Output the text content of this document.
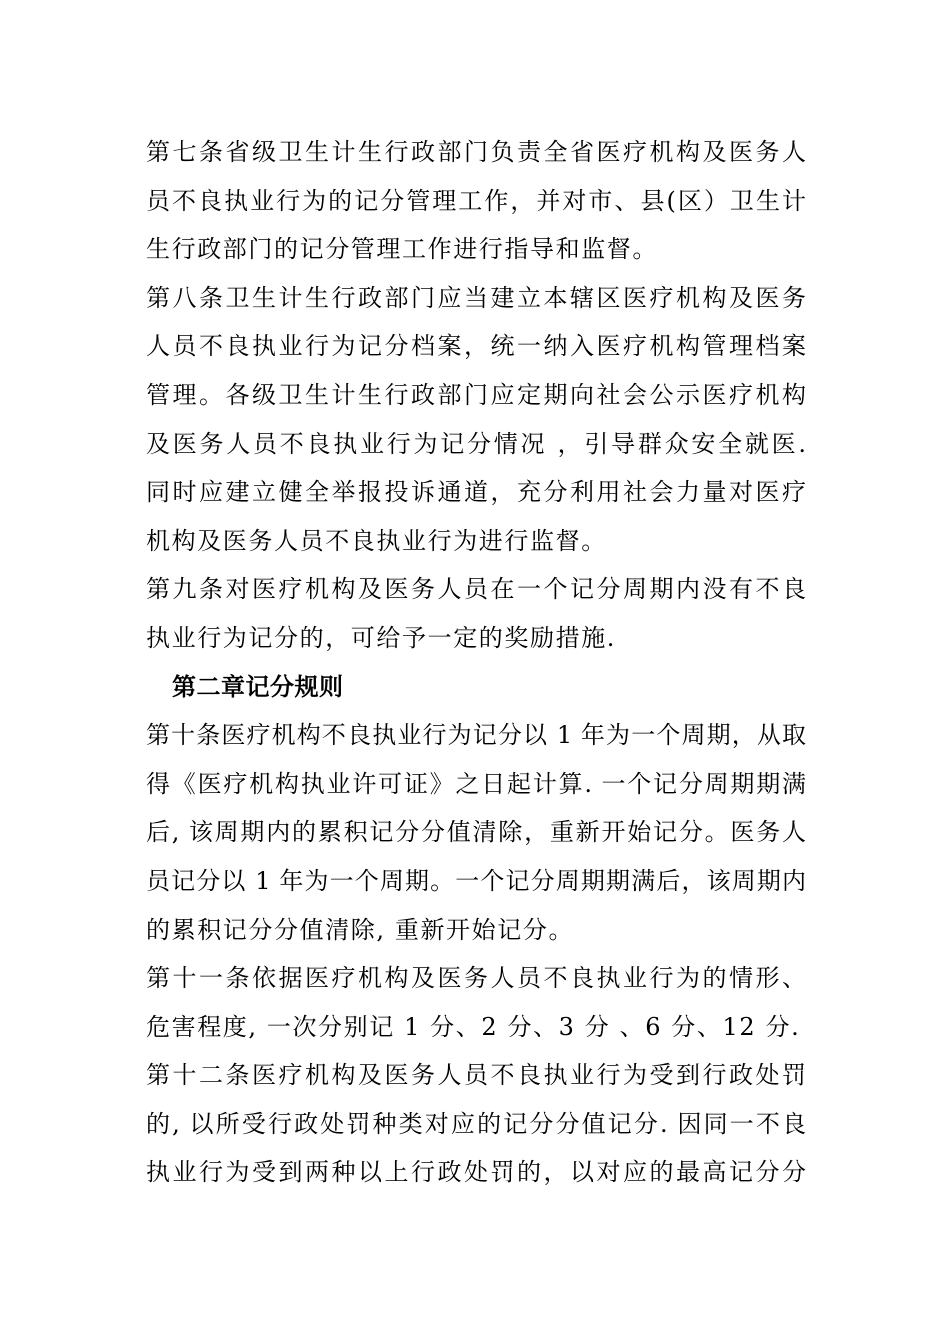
第七条省级卫生计生行政部门负责全省医疗机构及医务人
员不良执业行为的记分管理工作，并对市、县(区）卫生计
生行政部门的记分管理工作进行指导和监督。
第八条卫生计生行政部门应当建立本辖区医疗机构及医务
人员不良执业行为记分档案，统一纳入医疗机构管理档案
管理。各级卫生计生行政部门应定期向社会公示医疗机构
及医务人员不良执业行为记分情况 ，引导群众安全就医.
同时应建立健全举报投诉通道，充分利用社会力量对医疗
机构及医务人员不良执业行为进行监督。
第九条对医疗机构及医务人员在一个记分周期内没有不良
执业行为记分的，可给予一定的奖励措施.
第二章记分规则
第十条医疗机构不良执业行为记分以 1 年为一个周期，从取
得《医疗机构执业许可证》之日起计算. 一个记分周期期满
后, 该周期内的累积记分分值清除，重新开始记分。医务人
员记分以 1 年为一个周期。一个记分周期期满后，该周期内
的累积记分分值清除, 重新开始记分。
第十一条依据医疗机构及医务人员不良执业行为的情形、
危害程度, 一次分别记 1 分、2 分、3 分 、6 分、12 分.
第十二条医疗机构及医务人员不良执业行为受到行政处罚
的, 以所受行政处罚种类对应的记分分值记分. 因同一不良
执业行为受到两种以上行政处罚的，以对应的最高记分分
